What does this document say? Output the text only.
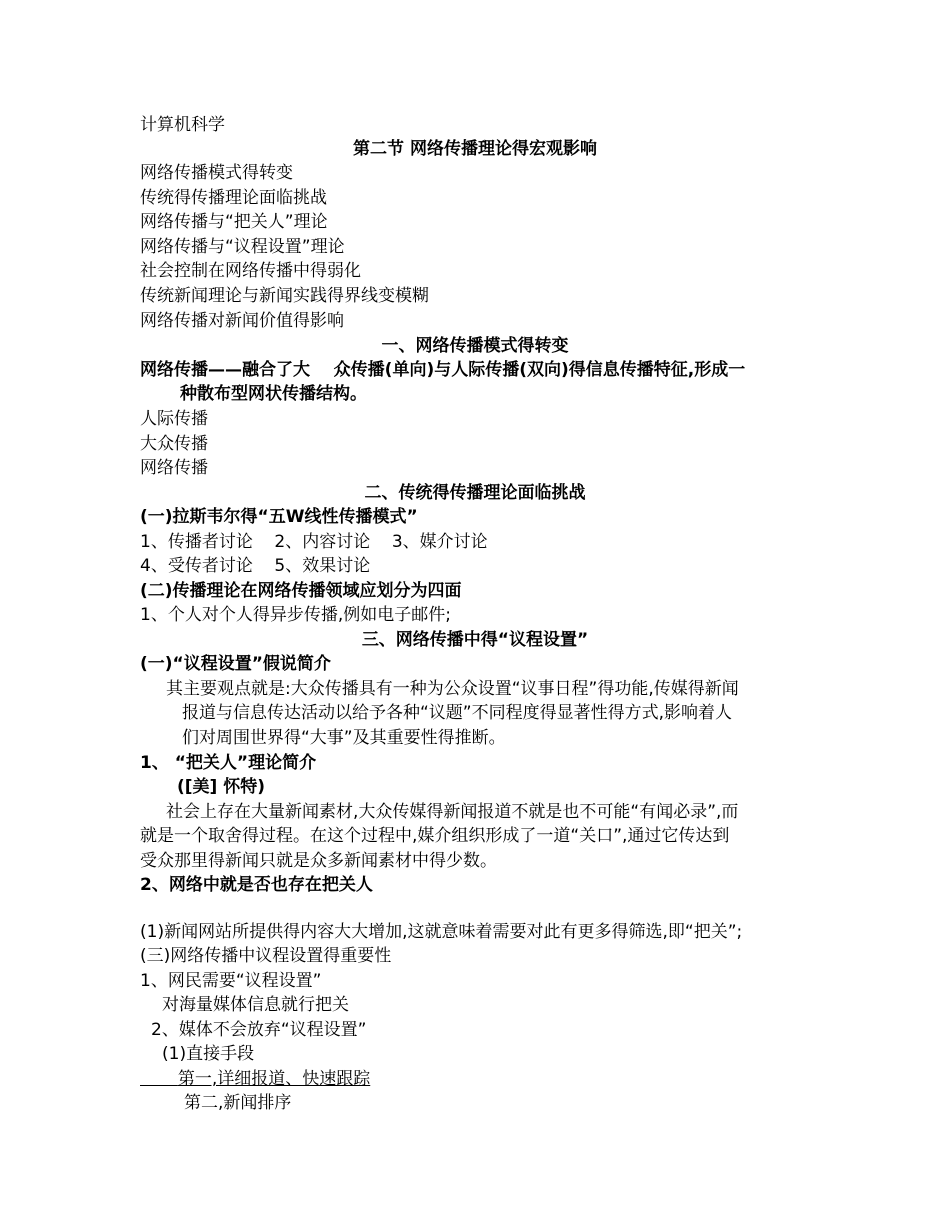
计算机科学
第二节 网络传播理论得宏观影响
网络传播模式得转变
传统得传播理论面临挑战
网络传播与“把关人”理论
网络传播与“议程设置”理论
社会控制在网络传播中得弱化
传统新闻理论与新闻实践得界线变模糊
网络传播对新闻价值得影响
一、网络传播模式得转变
网络传播——融合了大    众传播(单向)与人际传播(双向)得信息传播特征,形成一
种散布型网状传播结构。
人际传播
大众传播
网络传播
二、传统得传播理论面临挑战
(一)拉斯韦尔得“五W线性传播模式”
1、传播者讨论    2、内容讨论    3、媒介讨论
4、受传者讨论    5、效果讨论
(二)传播理论在网络传播领域应划分为四面
1、个人对个人得异步传播,例如电子邮件;
三、网络传播中得“议程设置”
(一)“议程设置”假说简介
其主要观点就是:大众传播具有一种为公众设置“议事日程”得功能,传媒得新闻
报道与信息传达活动以给予各种“议题”不同程度得显著性得方式,影响着人
们对周围世界得“大事”及其重要性得推断。
1、 “把关人”理论简介
([美] 怀特)
社会上存在大量新闻素材,大众传媒得新闻报道不就是也不可能“有闻必录”,而
就是一个取舍得过程。在这个过程中,媒介组织形成了一道“关口”,通过它传达到
受众那里得新闻只就是众多新闻素材中得少数。
2、网络中就是否也存在把关人
(1)新闻网站所提供得内容大大增加,这就意味着需要对此有更多得筛选,即“把关”;
(三)网络传播中议程设置得重要性
1、网民需要“议程设置”
对海量媒体信息就行把关
2、媒体不会放弃“议程设置”
(1)直接手段
第一,详细报道、快速跟踪
第二,新闻排序
